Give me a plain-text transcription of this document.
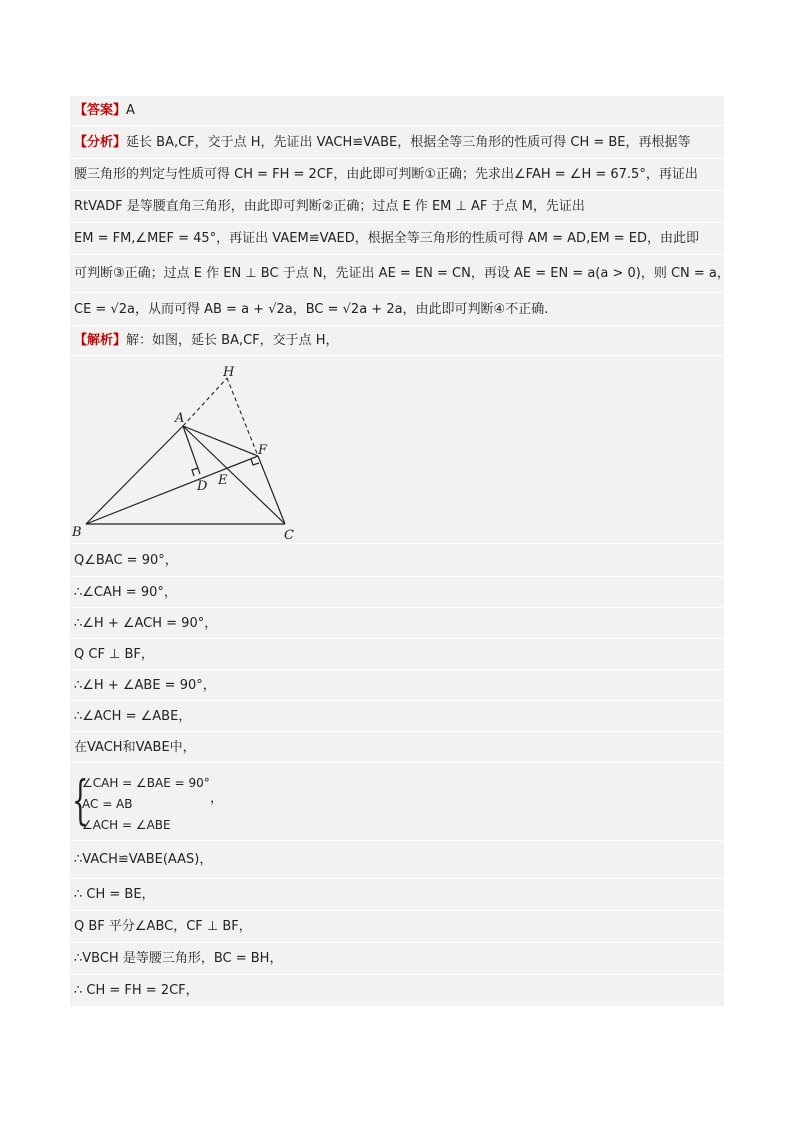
【答案】A
【分析】延长 BA,CF，交于点 H，先证出 VACH≌VABE，根据全等三角形的性质可得 CH = BE，再根据等
腰三角形的判定与性质可得 CH = FH = 2CF，由此即可判断①正确；先求出∠FAH = ∠H = 67.5°，再证出
RtVADF 是等腰直角三角形，由此即可判断②正确；过点 E 作 EM ⊥ AF 于点 M，先证出
EM = FM,∠MEF = 45°，再证出 VAEM≌VAED，根据全等三角形的性质可得 AM = AD,EM = ED，由此即
可判断③正确；过点 E 作 EN ⊥ BC 于点 N，先证出 AE = EN = CN，再设 AE = EN = a(a > 0)，则 CN = a，
CE = √2a，从而可得 AB = a + √2a，BC = √2a + 2a，由此即可判断④不正确.
【解析】解：如图，延长 BA,CF，交于点 H，
H
A
F
D E
B	C
Q∠BAC = 90°，
∴∠CAH = 90°，
∴∠H + ∠ACH = 90°，
Q CF ⊥ BF，
∴∠H + ∠ABE = 90°，
∴∠ACH = ∠ABE，
在VACH和VABE中，
{
∠CAH = ∠BAE = 90°
AC = AB
∠ACH = ∠ABE
，
∴VACH≌VABE(AAS)，
∴ CH = BE，
Q BF 平分∠ABC，CF ⊥ BF，
∴VBCH 是等腰三角形，BC = BH，
∴ CH = FH = 2CF，
